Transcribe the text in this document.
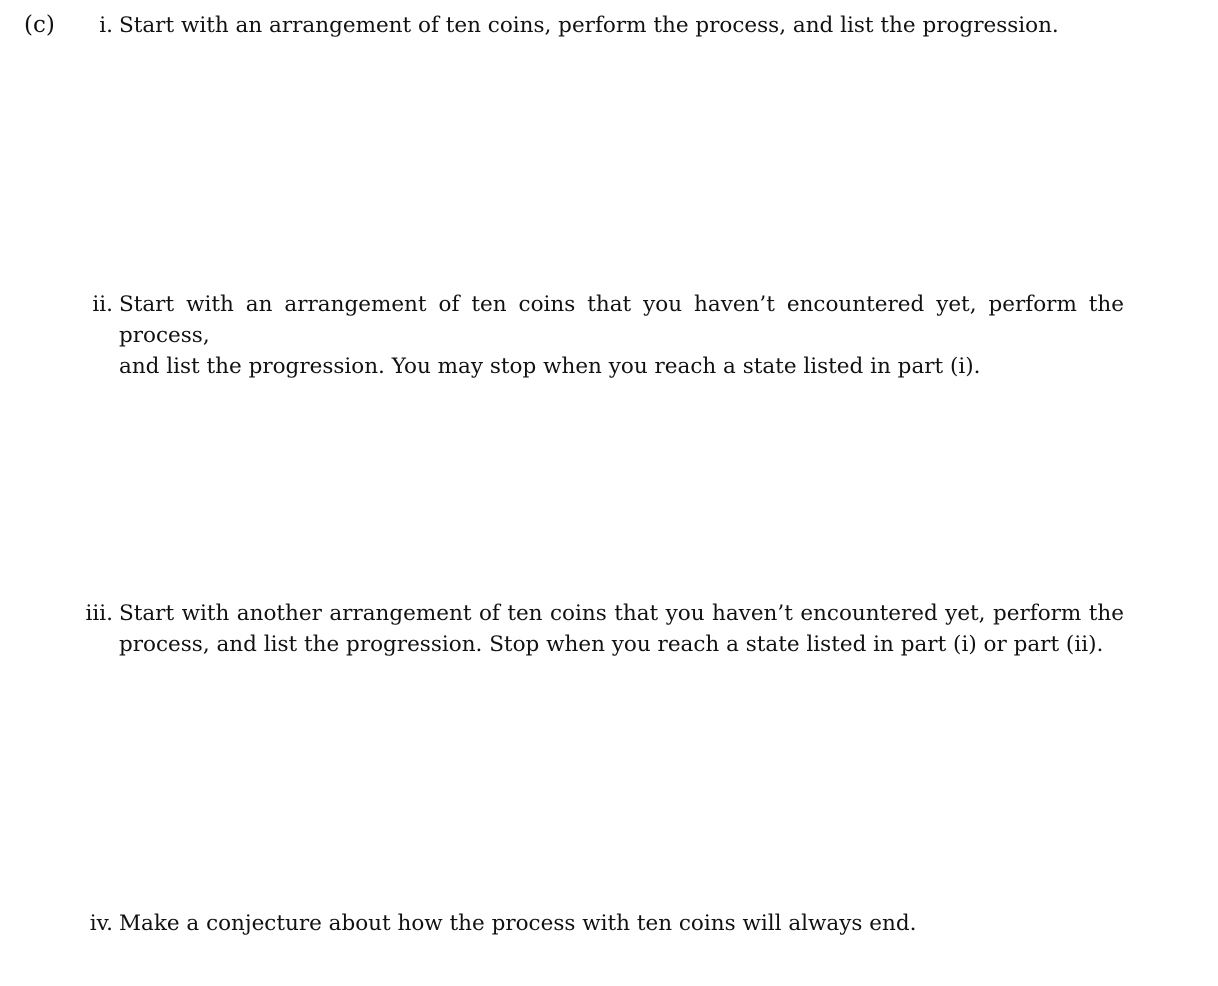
(c) i. Start with an arrangement of ten coins, perform the process, and list the progression.
ii. Start with an arrangement of ten coins that you haven’t encountered yet, perform the process,
and list the progression. You may stop when you reach a state listed in part (i).
iii. Start with another arrangement of ten coins that you haven’t encountered yet, perform the
process, and list the progression. Stop when you reach a state listed in part (i) or part (ii).
iv. Make a conjecture about how the process with ten coins will always end.
